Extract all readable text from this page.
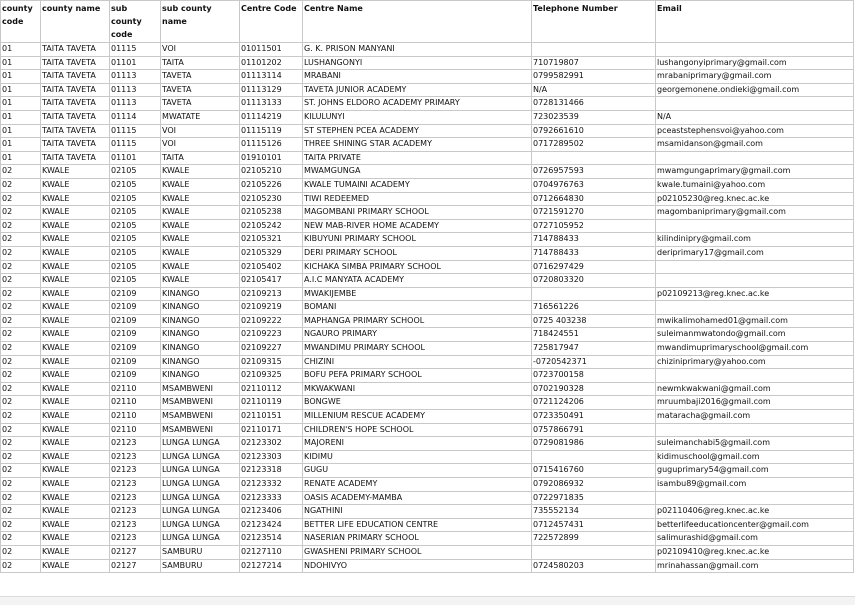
county code	county name	sub county code	sub county name	Centre Code	Centre Name	Telephone Number	Email
01	TAITA TAVETA	01115	VOI	01011501	G. K. PRISON MANYANI		
01	TAITA TAVETA	01101	TAITA	01101202	LUSHANGONYI	710719807	lushangonyiprimary@gmail.com
01	TAITA TAVETA	01113	TAVETA	01113114	MRABANI	0799582991	mrabaniprimary@gmail.com
01	TAITA TAVETA	01113	TAVETA	01113129	TAVETA JUNIOR ACADEMY	N/A	georgemonene.ondieki@gmail.com
01	TAITA TAVETA	01113	TAVETA	01113133	ST. JOHNS ELDORO ACADEMY PRIMARY	0728131466	
01	TAITA TAVETA	01114	MWATATE	01114219	KILULUNYI	723023539	N/A
01	TAITA TAVETA	01115	VOI	01115119	ST STEPHEN PCEA ACADEMY	0792661610	pceaststephensvoi@yahoo.com
01	TAITA TAVETA	01115	VOI	01115126	THREE SHINING STAR ACADEMY	0717289502	msamidanson@gmail.com
01	TAITA TAVETA	01101	TAITA	01910101	TAITA PRIVATE		
02	KWALE	02105	KWALE	02105210	MWAMGUNGA	0726957593	mwamgungaprimary@gmail.com
02	KWALE	02105	KWALE	02105226	KWALE TUMAINI ACADEMY	0704976763	kwale.tumaini@yahoo.com
02	KWALE	02105	KWALE	02105230	TIWI REDEEMED	0712664830	p02105230@reg.knec.ac.ke
02	KWALE	02105	KWALE	02105238	MAGOMBANI PRIMARY SCHOOL	0721591270	magombaniprimary@gmail.com
02	KWALE	02105	KWALE	02105242	NEW MAB-RIVER HOME ACADEMY	0727105952	
02	KWALE	02105	KWALE	02105321	KIBUYUNI PRIMARY SCHOOL	714788433	kilindinipry@gmail.com
02	KWALE	02105	KWALE	02105329	DERI PRIMARY SCHOOL	714788433	deriprimary17@gmail.com
02	KWALE	02105	KWALE	02105402	KICHAKA SIMBA PRIMARY SCHOOL	0716297429	
02	KWALE	02105	KWALE	02105417	A.I.C MANYATA ACADEMY	0720803320	
02	KWALE	02109	KINANGO	02109213	MWAKIJEMBE		p02109213@reg.knec.ac.ke
02	KWALE	02109	KINANGO	02109219	BOMANI	716561226	
02	KWALE	02109	KINANGO	02109222	MAPHANGA PRIMARY SCHOOL	0725 403238	mwikalimohamed01@gmail.com
02	KWALE	02109	KINANGO	02109223	NGAURO PRIMARY	718424551	suleimanmwatondo@gmail.com
02	KWALE	02109	KINANGO	02109227	MWANDIMU PRIMARY SCHOOL	725817947	mwandimuprimaryschool@gmail.com
02	KWALE	02109	KINANGO	02109315	CHIZINI	-0720542371	chiziniprimary@yahoo.com
02	KWALE	02109	KINANGO	02109325	BOFU PEFA PRIMARY SCHOOL	0723700158	
02	KWALE	02110	MSAMBWENI	02110112	MKWAKWANI	0702190328	newmkwakwani@gmail.com
02	KWALE	02110	MSAMBWENI	02110119	BONGWE	0721124206	mruumbaji2016@gmail.com
02	KWALE	02110	MSAMBWENI	02110151	MILLENIUM RESCUE ACADEMY	0723350491	mataracha@gmail.com
02	KWALE	02110	MSAMBWENI	02110171	CHILDREN'S HOPE SCHOOL	0757866791	
02	KWALE	02123	LUNGA LUNGA	02123302	MAJORENI	0729081986	suleimanchabi5@gmail.com
02	KWALE	02123	LUNGA LUNGA	02123303	KIDIMU		kidimuschool@gmail.com
02	KWALE	02123	LUNGA LUNGA	02123318	GUGU	0715416760	guguprimary54@gmail.com
02	KWALE	02123	LUNGA LUNGA	02123332	RENATE ACADEMY	0792086932	isambu89@gmail.com
02	KWALE	02123	LUNGA LUNGA	02123333	OASIS ACADEMY-MAMBA	0722971835	
02	KWALE	02123	LUNGA LUNGA	02123406	NGATHINI	735552134	p02110406@reg.knec.ac.ke
02	KWALE	02123	LUNGA LUNGA	02123424	BETTER LIFE EDUCATION CENTRE	0712457431	betterlifeeducationcenter@gmail.com
02	KWALE	02123	LUNGA LUNGA	02123514	NASERIAN PRIMARY SCHOOL	722572899	salimurashid@gmail.com
02	KWALE	02127	SAMBURU	02127110	GWASHENI PRIMARY SCHOOL		p02109410@reg.knec.ac.ke
02	KWALE	02127	SAMBURU	02127214	NDOHIVYO	0724580203	mrinahassan@gmail.com
